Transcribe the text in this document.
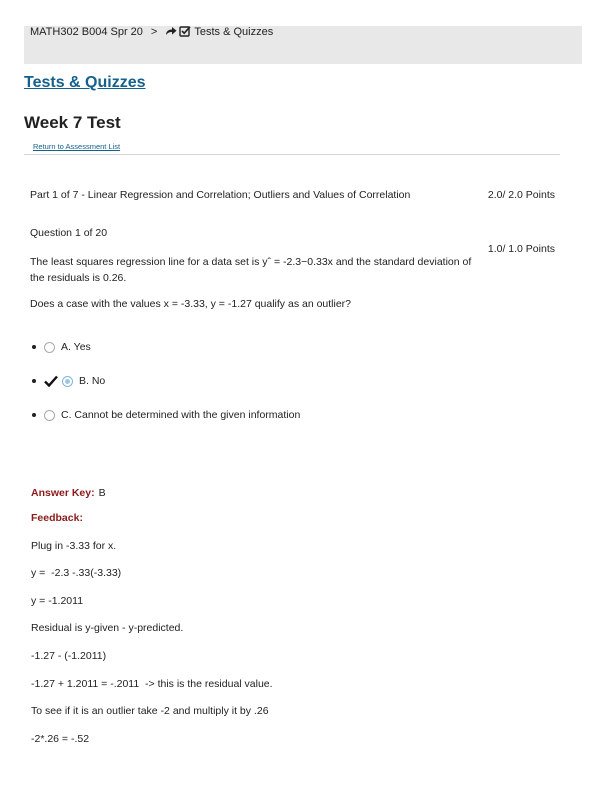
MATH302 B004 Spr 20 >	Tests & Quizzes
Tests & Quizzes
Week 7 Test
Return to Assessment List
Part 1 of 7 - Linear Regression and Correlation; Outliers and Values of Correlation	2.0/ 2.0 Points
Question 1 of 20
1.0/ 1.0 Points

The least squares regression line for a data set is yˆ = -2.3−0.33x and the standard deviation of the residuals is 0.26.

Does a case with the values x = -3.33, y = -1.27 qualify as an outlier?
A. Yes
B. No
C. Cannot be determined with the given information
Answer Key: B
Feedback:
Plug in -3.33 for x.
y =  -2.3 -.33(-3.33)
y = -1.2011
Residual is y-given - y-predicted.
-1.27 - (-1.2011)
-1.27 + 1.2011 = -.2011  -> this is the residual value.
To see if it is an outlier take -2 and multiply it by .26
-2*.26 = -.52
